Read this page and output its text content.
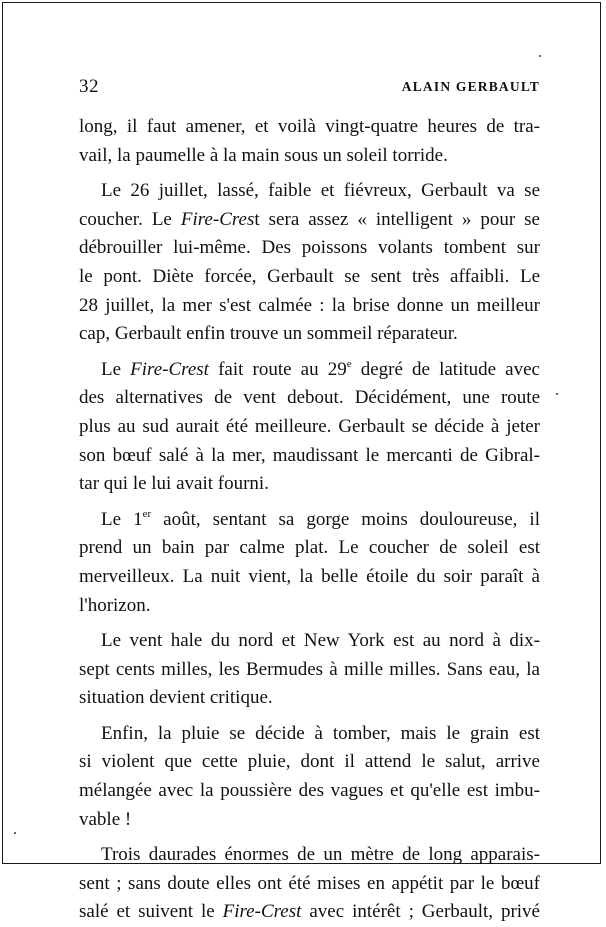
32	ALAIN GERBAULT
long, il faut amener, et voilà vingt-quatre heures de tra-
vail, la paumelle à la main sous un soleil torride.
Le 26 juillet, lassé, faible et fiévreux, Gerbault va se
coucher. Le Fire-Crest sera assez « intelligent » pour se
débrouiller lui-même. Des poissons volants tombent sur
le pont. Diète forcée, Gerbault se sent très affaibli. Le
28 juillet, la mer s'est calmée : la brise donne un meilleur
cap, Gerbault enfin trouve un sommeil réparateur.
Le Fire-Crest fait route au 29e degré de latitude avec
des alternatives de vent debout. Décidément, une route
plus au sud aurait été meilleure. Gerbault se décide à jeter
son bœuf salé à la mer, maudissant le mercanti de Gibral-
tar qui le lui avait fourni.
Le 1er août, sentant sa gorge moins douloureuse, il
prend un bain par calme plat. Le coucher de soleil est
merveilleux. La nuit vient, la belle étoile du soir paraît à
l'horizon.
Le vent hale du nord et New York est au nord à dix-
sept cents milles, les Bermudes à mille milles. Sans eau, la
situation devient critique.
Enfin, la pluie se décide à tomber, mais le grain est
si violent que cette pluie, dont il attend le salut, arrive
mélangée avec la poussière des vagues et qu'elle est imbu-
vable !
Trois daurades énormes de un mètre de long apparais-
sent ; sans doute elles ont été mises en appétit par le bœuf
salé et suivent le Fire-Crest avec intérêt ; Gerbault, privé
